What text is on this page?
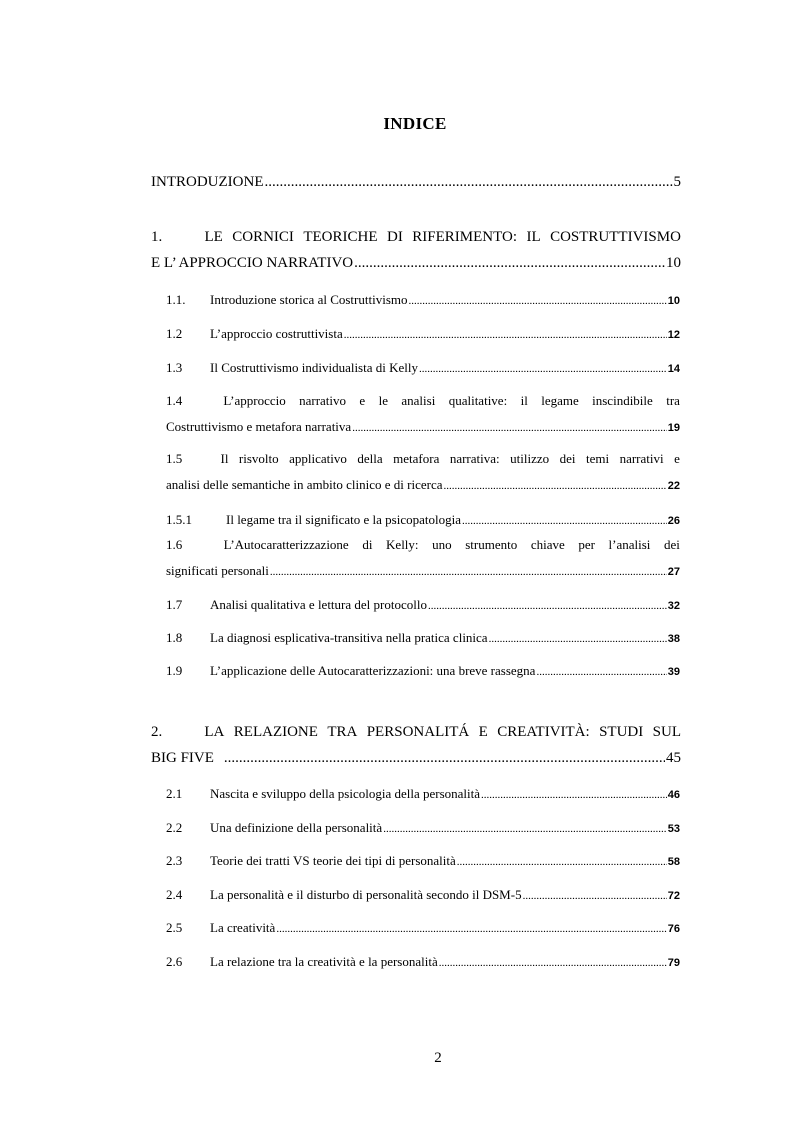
INDICE
INTRODUZIONE .....	5
1.	LE CORNICI TEORICHE DI RIFERIMENTO: IL COSTRUTTIVISMO
E L’ APPROCCIO NARRATIVO .....	10
1.1. Introduzione storica al Costruttivismo .....	10
1.2 L’approccio costruttivista .....	12
1.3 Il Costruttivismo individualista di Kelly .....	14
1.4	L’approccio narrativo e le analisi qualitative: il legame inscindibile tra
Costruttivismo e metafora narrativa .....	19
1.5	Il risvolto applicativo della metafora narrativa: utilizzo dei temi narrativi e
analisi delle semantiche in ambito clinico e di ricerca .....	22
1.5.1	Il legame tra il significato e la psicopatologia .....	26
1.6	L’Autocaratterizzazione di Kelly: uno strumento chiave per l’analisi dei
significati personali .....	27
1.7 Analisi qualitativa e lettura del protocollo .....	32
1.8 La diagnosi esplicativa-transitiva nella pratica clinica .....	38
1.9 L’applicazione delle Autocaratterizzazioni: una breve rassegna .....	39
2.	LA RELAZIONE TRA PERSONALITÁ E CREATIVITÀ: STUDI SUL
BIG FIVE .....	45
2.1 Nascita e sviluppo della psicologia della personalità .....	46
2.2 Una definizione della personalità .....	53
2.3 Teorie dei tratti VS teorie dei tipi di personalità .....	58
2.4 La personalità e il disturbo di personalità secondo il DSM-5 .....	72
2.5 La creatività .....	76
2.6 La relazione tra la creatività e la personalità .....	79
2
